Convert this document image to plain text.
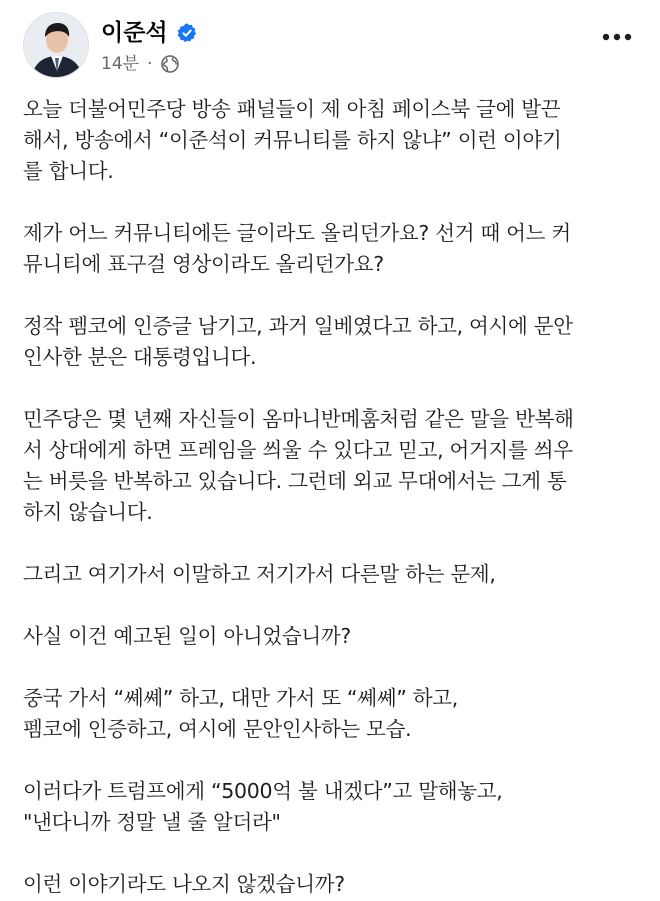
이준석
14분 ·

오늘 더불어민주당 방송 패널들이 제 아침 페이스북 글에 발끈
해서, 방송에서 “이준석이 커뮤니티를 하지 않냐” 이런 이야기
를 합니다.

제가 어느 커뮤니티에든 글이라도 올리던가요? 선거 때 어느 커
뮤니티에 표구걸 영상이라도 올리던가요?

정작 펨코에 인증글 남기고, 과거 일베였다고 하고, 여시에 문안
인사한 분은 대통령입니다.

민주당은 몇 년째 자신들이 옴마니반메훔처럼 같은 말을 반복해
서 상대에게 하면 프레임을 씌울 수 있다고 믿고, 어거지를 씌우
는 버릇을 반복하고 있습니다. 그런데 외교 무대에서는 그게 통
하지 않습니다.

그리고 여기가서 이말하고 저기가서 다른말 하는 문제,

사실 이건 예고된 일이 아니었습니까?

중국 가서 “쎼쎼” 하고, 대만 가서 또 “쎼쎼” 하고,
펨코에 인증하고, 여시에 문안인사하는 모습.

이러다가 트럼프에게 “5000억 불 내겠다”고 말해놓고,
"낸다니까 정말 낼 줄 알더라"

이런 이야기라도 나오지 않겠습니까?
